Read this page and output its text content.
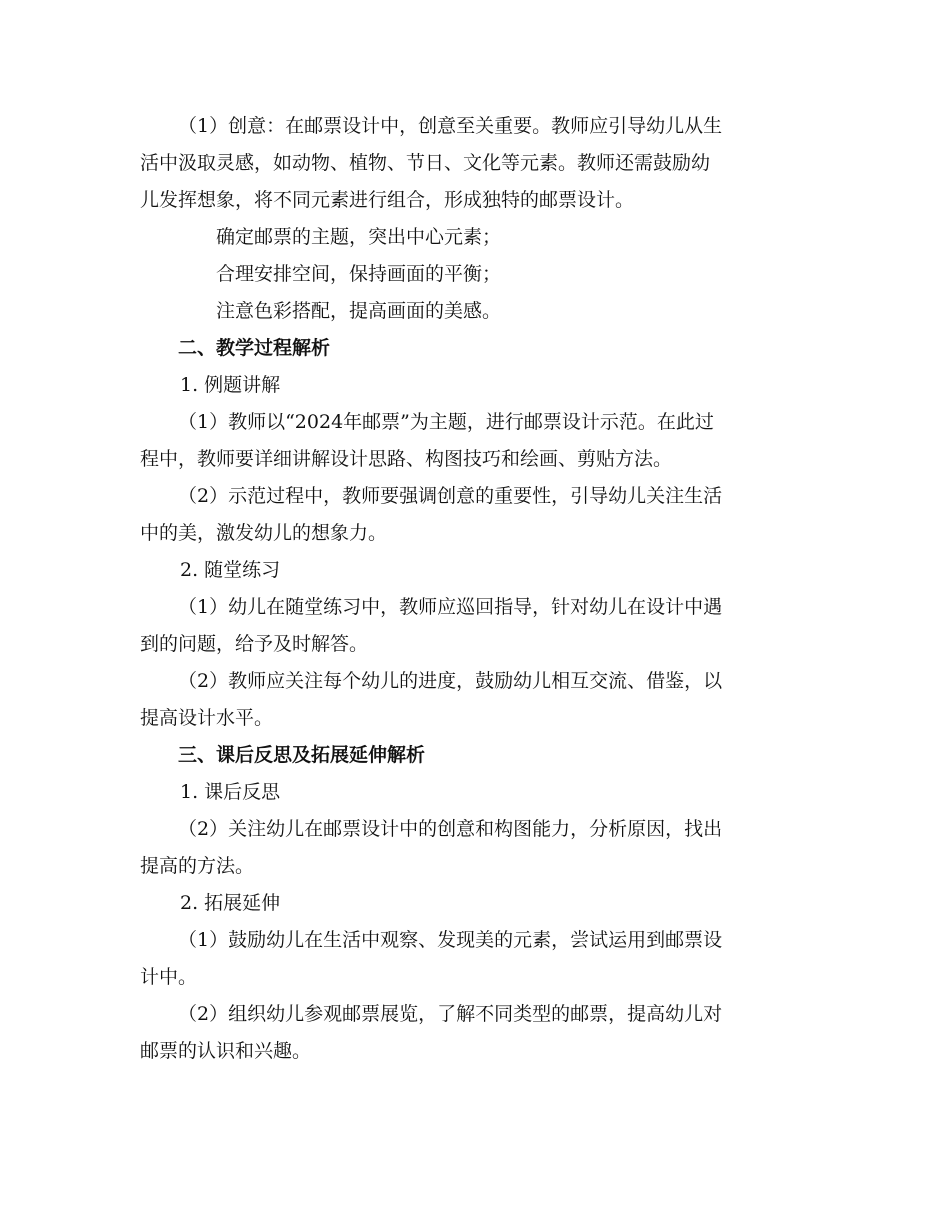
（1）创意：在邮票设计中，创意至关重要。教师应引导幼儿从生

活中汲取灵感，如动物、植物、节日、文化等元素。教师还需鼓励幼

儿发挥想象，将不同元素进行组合，形成独特的邮票设计。

确定邮票的主题，突出中心元素；

合理安排空间，保持画面的平衡；

注意色彩搭配，提高画面的美感。

二、教学过程解析

1. 例题讲解

（1）教师以“2024年邮票”为主题，进行邮票设计示范。在此过

程中，教师要详细讲解设计思路、构图技巧和绘画、剪贴方法。

（2）示范过程中，教师要强调创意的重要性，引导幼儿关注生活

中的美，激发幼儿的想象力。

2. 随堂练习

（1）幼儿在随堂练习中，教师应巡回指导，针对幼儿在设计中遇

到的问题，给予及时解答。

（2）教师应关注每个幼儿的进度，鼓励幼儿相互交流、借鉴，以

提高设计水平。

三、课后反思及拓展延伸解析

1. 课后反思

（2）关注幼儿在邮票设计中的创意和构图能力，分析原因，找出

提高的方法。

2. 拓展延伸

（1）鼓励幼儿在生活中观察、发现美的元素，尝试运用到邮票设

计中。

（2）组织幼儿参观邮票展览，了解不同类型的邮票，提高幼儿对

邮票的认识和兴趣。
